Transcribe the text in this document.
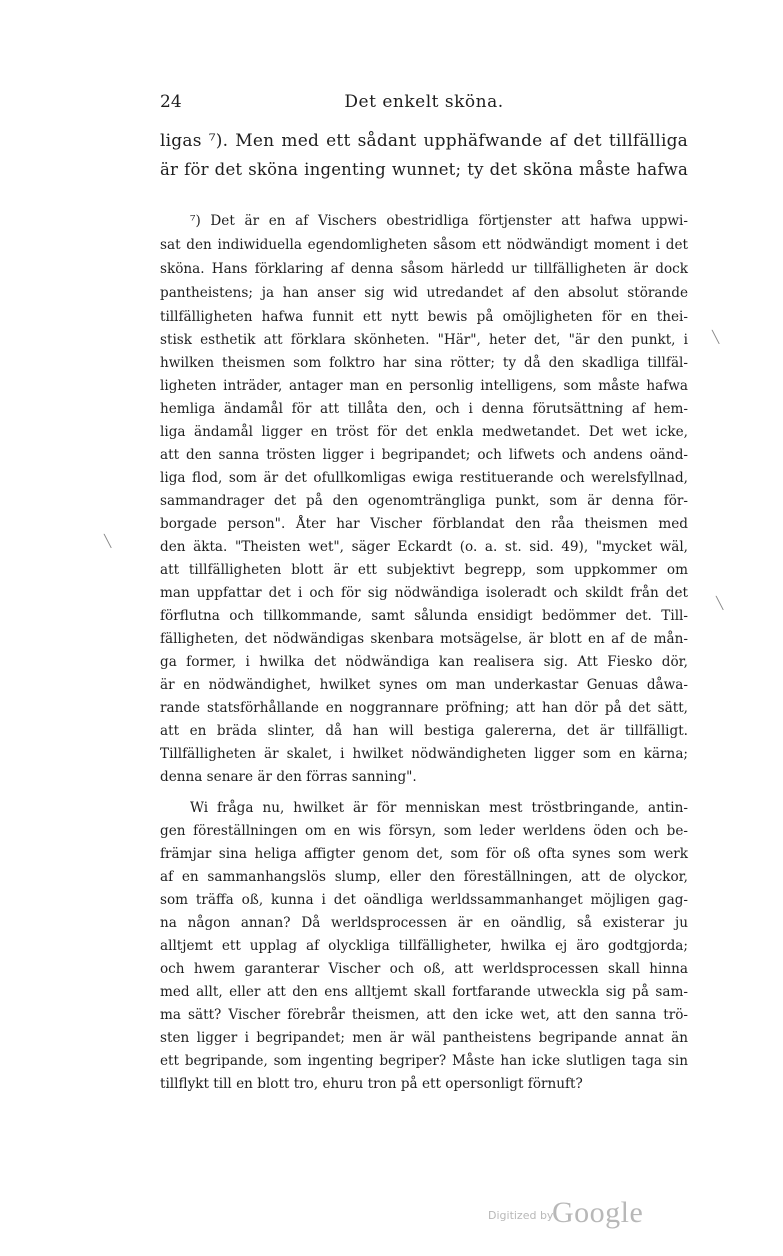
24	Det enkelt sköna.
ligas ⁷). Men med ett sådant upphäfwande af det tillfälliga
är för det sköna ingenting wunnet; ty det sköna måste hafwa
⁷) Det är en af Vischers obestridliga förtjenster att hafwa uppwi-
sat den indiwiduella egendomligheten såsom ett nödwändigt moment i det
sköna. Hans förklaring af denna såsom härledd ur tillfälligheten är dock
pantheistens; ja han anser sig wid utredandet af den absolut störande
tillfälligheten hafwa funnit ett nytt bewis på omöjligheten för en thei-
stisk esthetik att förklara skönheten. "Här", heter det, "är den punkt, i
hwilken theismen som folktro har sina rötter; ty då den skadliga tillfäl-
ligheten inträder, antager man en personlig intelligens, som måste hafwa
hemliga ändamål för att tillåta den, och i denna förutsättning af hem-
liga ändamål ligger en tröst för det enkla medwetandet. Det wet icke,
att den sanna trösten ligger i begripandet; och lifwets och andens oänd-
liga flod, som är det ofullkomligas ewiga restituerande och werelsfyllnad,
sammandrager det på den ogenomträngliga punkt, som är denna för-
borgade person". Åter har Vischer förblandat den råa theismen med
den äkta. "Theisten wet", säger Eckardt (o. a. st. sid. 49), "mycket wäl,
att tillfälligheten blott är ett subjektivt begrepp, som uppkommer om
man uppfattar det i och för sig nödwändiga isoleradt och skildt från det
förflutna och tillkommande, samt sålunda ensidigt bedömmer det. Till-
fälligheten, det nödwändigas skenbara motsägelse, är blott en af de mån-
ga former, i hwilka det nödwändiga kan realisera sig. Att Fiesko dör,
är en nödwändighet, hwilket synes om man underkastar Genuas dåwa-
rande statsförhållande en noggrannare pröfning; att han dör på det sätt,
att en bräda slinter, då han will bestiga galererna, det är tillfälligt.
Tillfälligheten är skalet, i hwilket nödwändigheten ligger som en kärna;
denna senare är den förras sanning".
Wi fråga nu, hwilket är för menniskan mest tröstbringande, antin-
gen föreställningen om en wis försyn, som leder werldens öden och be-
främjar sina heliga affigter genom det, som för oß ofta synes som werk
af en sammanhangslös slump, eller den föreställningen, att de olyckor,
som träffa oß, kunna i det oändliga werldssammanhanget möjligen gag-
na någon annan? Då werldsprocessen är en oändlig, så existerar ju
alltjemt ett upplag af olyckliga tillfälligheter, hwilka ej äro godtgjorda;
och hwem garanterar Vischer och oß, att werldsprocessen skall hinna
med allt, eller att den ens alltjemt skall fortfarande utweckla sig på sam-
ma sätt? Vischer förebrår theismen, att den icke wet, att den sanna trö-
sten ligger i begripandet; men är wäl pantheistens begripande annat än
ett begripande, som ingenting begriper? Måste han icke slutligen taga sin
tillflykt till en blott tro, ehuru tron på ett opersonligt förnuft?
╲
╲
╲
Digitized by
Google
